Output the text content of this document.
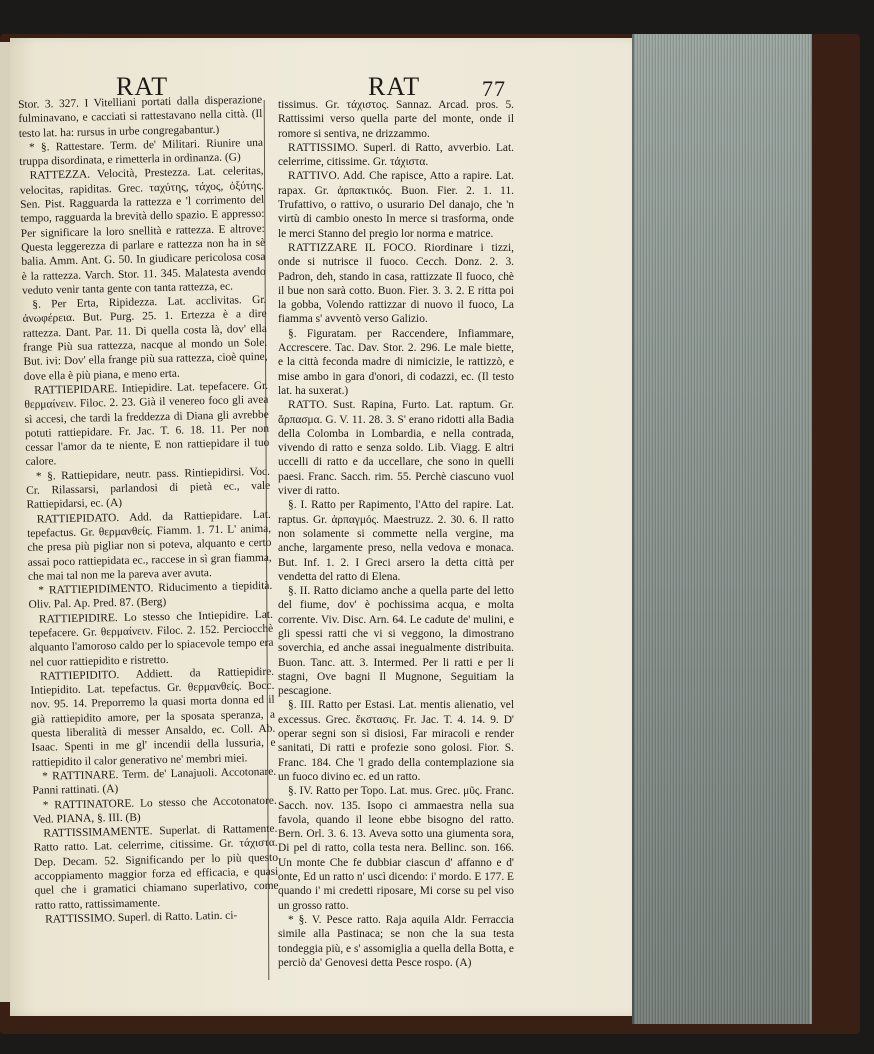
RAT	RAT	77

Stor. 3. 327. I Vitelliani portati dalla disperazione fulminavano, e cacciati si rattestavano nella città. (Il testo lat. ha: rursus in urbe congregabantur.)

* §. Rattestare. Term. de' Militari. Riunire una truppa disordinata, e rimetterla in ordinanza. (G)

RATTEZZA. Velocità, Prestezza. Lat. celeritas, velocitas, rapiditas. Grec. ταχύτης, τάχος, ὀξύτης. Sen. Pist. Ragguarda la rattezza e 'l corrimento del tempo, ragguarda la brevità dello spazio. E appresso: Per significare la loro snellità e rattezza. E altrove: Questa leggerezza di parlare e rattezza non ha in sè balia. Amm. Ant. G. 50. In giudicare pericolosa cosa è la rattezza. Varch. Stor. 11. 345. Malatesta avendo veduto venir tanta gente con tanta rattezza, ec.

§. Per Erta, Ripidezza. Lat. acclivitas. Gr. ἀνωφέρεια. But. Purg. 25. 1. Ertezza è a dire rattezza. Dant. Par. 11. Di quella costa là, dov' ella frange Più sua rattezza, nacque al mondo un Sole. But. ivi: Dov' ella frange più sua rattezza, cioè quine, dove ella è più piana, e meno erta.

RATTIEPIDARE. Intiepidire. Lat. tepefacere. Gr. θερμαίνειν. Filoc. 2. 23. Già il venereo foco gli avea sì accesi, che tardi la freddezza di Diana gli avrebbe potuti rattiepidare. Fr. Jac. T. 6. 18. 11. Per non cessar l'amor da te niente, E non rattiepidare il tuo calore.

* §. Rattiepidare, neutr. pass. Rintiepidirsi. Voc. Cr. Rilassarsi, parlandosi di pietà ec., vale Rattiepidarsi, ec. (A)

RATTIEPIDATO. Add. da Rattiepidare. Lat. tepefactus. Gr. θερμανθείς. Fiamm. 1. 71. L' anima, che presa più pigliar non si poteva, alquanto e certo assai poco rattiepidata ec., raccese in sì gran fiamma, che mai tal non me la pareva aver avuta.

* RATTIEPIDIMENTO. Riducimento a tiepidità. Oliv. Pal. Ap. Pred. 87. (Berg)

RATTIEPIDIRE. Lo stesso che Intiepidire. Lat. tepefacere. Gr. θερμαίνειν. Filoc. 2. 152. Perciocchè alquanto l'amoroso caldo per lo spiacevole tempo era nel cuor rattiepidito e ristretto.

RATTIEPIDITO. Addiett. da Rattiepidire. Intiepidito. Lat. tepefactus. Gr. θερμανθείς. Bocc. nov. 95. 14. Preporremo la quasi morta donna ed il già rattiepidito amore, per la sposata speranza, a questa liberalità di messer Ansaldo, ec. Coll. Ab. Isaac. Spenti in me gl' incendii della lussuria, e rattiepidito il calor generativo ne' membri miei.

* RATTINARE. Term. de' Lanajuoli. Accotonare. Panni rattinati. (A)

* RATTINATORE. Lo stesso che Accotonatore. Ved. PIANA, §. III. (B)

RATTISSIMAMENTE. Superlat. di Rattamente. Ratto ratto. Lat. celerrime, citissime. Gr. τάχιστα. Dep. Decam. 52. Significando per lo più questo accoppiamento maggior forza ed efficacia, e quasi quel che i gramatici chiamano superlativo, come ratto ratto, rattissimamente.

RATTISSIMO. Superl. di Ratto. Latin. ci-

tissimus. Gr. τάχιστος. Sannaz. Arcad. pros. 5. Rattissimi verso quella parte del monte, onde il romore si sentiva, ne drizzammo.

RATTISSIMO. Superl. di Ratto, avverbio. Lat. celerrime, citissime. Gr. τάχιστα.

RATTIVO. Add. Che rapisce, Atto a rapire. Lat. rapax. Gr. ἁρπακτικός. Buon. Fier. 2. 1. 11. Trufattivo, o rattivo, o usurario Del danajo, che 'n virtù di cambio onesto In merce si trasforma, onde le merci Stanno del pregio lor norma e matrice.

RATTIZZARE IL FOCO. Riordinare i tizzi, onde si nutrisce il fuoco. Cecch. Donz. 2. 3. Padron, deh, stando in casa, rattizzate Il fuoco, chè il bue non sarà cotto. Buon. Fier. 3. 3. 2. E ritta poi la gobba, Volendo rattizzar di nuovo il fuoco, La fiamma s' avventò verso Galizio.

§. Figuratam. per Raccendere, Infiammare, Accrescere. Tac. Dav. Stor. 2. 296. Le male biette, e la città feconda madre di nimicizie, le rattizzò, e mise ambo in gara d'onori, di codazzi, ec. (Il testo lat. ha suxerat.)

RATTO. Sust. Rapina, Furto. Lat. raptum. Gr. ἅρπασμα. G. V. 11. 28. 3. S' erano ridotti alla Badia della Colomba in Lombardia, e nella contrada, vivendo di ratto e senza soldo. Lib. Viagg. E altri uccelli di ratto e da uccellare, che sono in quelli paesi. Franc. Sacch. rim. 55. Perchè ciascuno vuol viver di ratto.

§. I. Ratto per Rapimento, l'Atto del rapire. Lat. raptus. Gr. ἁρπαγμός. Maestruzz. 2. 30. 6. Il ratto non solamente si commette nella vergine, ma anche, largamente preso, nella vedova e monaca. But. Inf. 1. 2. I Greci arsero la detta città per vendetta del ratto di Elena.

§. II. Ratto diciamo anche a quella parte del letto del fiume, dov' è pochissima acqua, e molta corrente. Viv. Disc. Arn. 64. Le cadute de' mulini, e gli spessi ratti che vi si veggono, la dimostrano soverchia, ed anche assai inegualmente distribuita. Buon. Tanc. att. 3. Intermed. Per li ratti e per li stagni, Ove bagni Il Mugnone, Seguitiam la pescagione.

§. III. Ratto per Estasi. Lat. mentis alienatio, vel excessus. Grec. ἔκστασις. Fr. Jac. T. 4. 14. 9. D' operar segni son sì disiosi, Far miracoli e render sanitati, Di ratti e profezie sono golosi. Fior. S. Franc. 184. Che 'l grado della contemplazione sia un fuoco divino ec. ed un ratto.

§. IV. Ratto per Topo. Lat. mus. Grec. μῦς. Franc. Sacch. nov. 135. Isopo ci ammaestra nella sua favola, quando il leone ebbe bisogno del ratto. Bern. Orl. 3. 6. 13. Aveva sotto una giumenta sora, Di pel di ratto, colla testa nera. Bellinc. son. 166. Un monte Che fe dubbiar ciascun d' affanno e d' onte, Ed un ratto n' uscì dicendo: i' mordo. E 177. E quando i' mi credetti riposare, Mi corse su pel viso un grosso ratto.

* §. V. Pesce ratto. Raja aquila Aldr. Ferraccia simile alla Pastinaca; se non che la sua testa tondeggia più, e s' assomiglia a quella della Botta, e perciò da' Genovesi detta Pesce rospo. (A)
